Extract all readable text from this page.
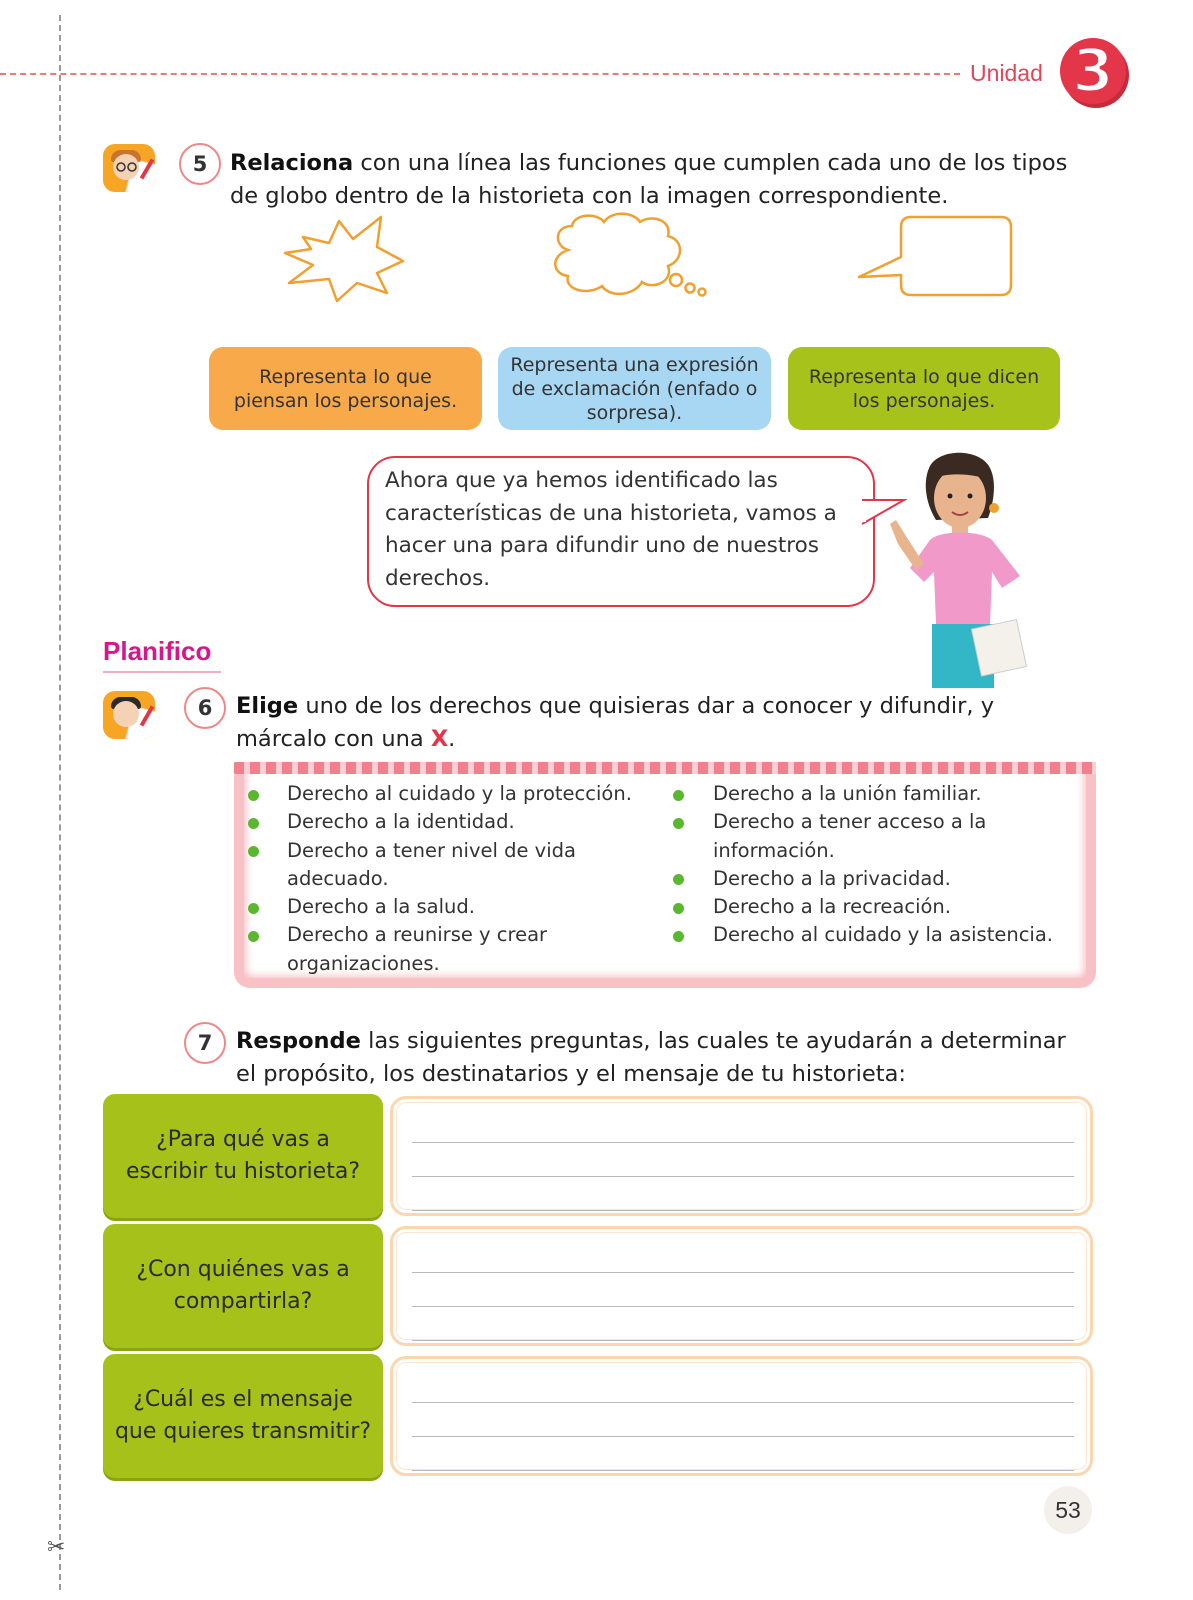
✂
Unidad 3
5	Relaciona con una línea las funciones que cumplen cada uno de los tipos de globo dentro de la historieta con la imagen correspondiente.
Representa lo que piensan los personajes.
Representa una expresión de exclamación (enfado o sorpresa).
Representa lo que dicen los personajes.
Ahora que ya hemos identificado las características de una historieta, vamos a hacer una para difundir uno de nuestros derechos.
Planifico
6	Elige uno de los derechos que quisieras dar a conocer y difundir, y márcalo con una X.
Derecho al cuidado y la protección.
Derecho a la identidad.
Derecho a tener nivel de vida adecuado.
Derecho a la salud.
Derecho a reunirse y crear organizaciones.
Derecho a la unión familiar.
Derecho a tener acceso a la información.
Derecho a la privacidad.
Derecho a la recreación.
Derecho al cuidado y la asistencia.
7	Responde las siguientes preguntas, las cuales te ayudarán a determinar el propósito, los destinatarios y el mensaje de tu historieta:
¿Para qué vas a escribir tu historieta?
¿Con quiénes vas a compartirla?
¿Cuál es el mensaje que quieres transmitir?
53
